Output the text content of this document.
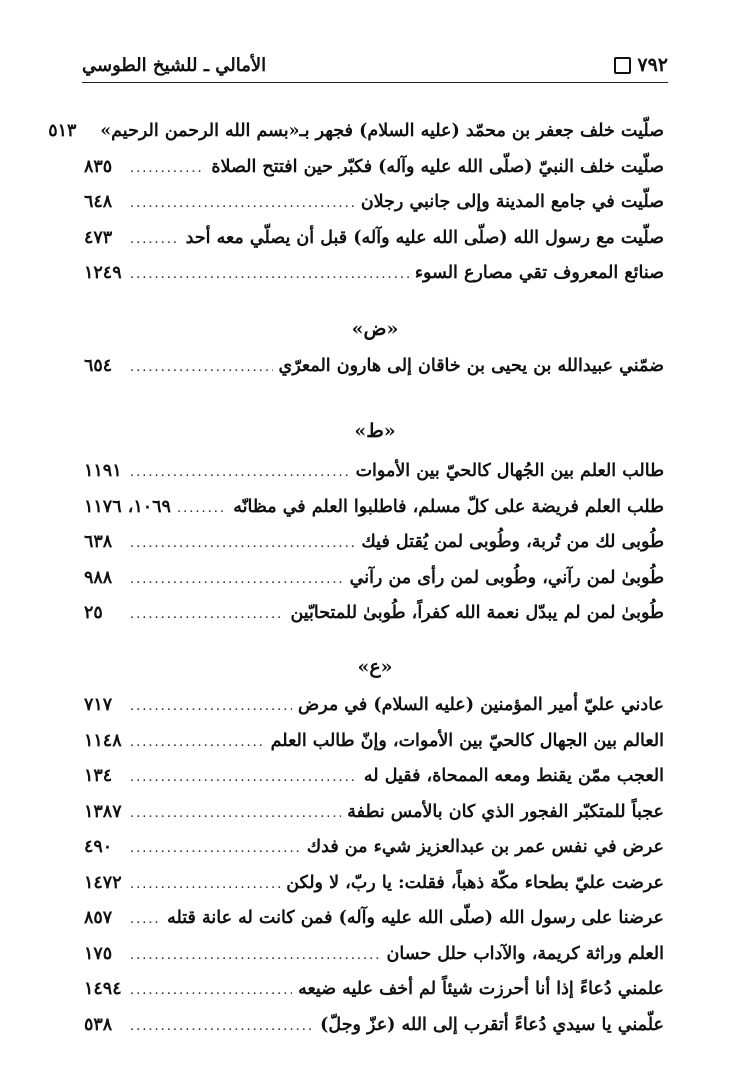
٧٩٢
الأمالي ـ للشيخ الطوسي
صلّيت خلف جعفر بن محمّد (عليه السلام) فجهر بـ«بسم الله الرحمن الرحيم»
٥١٣
صلّيت خلف النبيّ (صلّى الله عليه وآله) فكبّر حين افتتح الصلاة
.....
٨٣٥
صلّيت في جامع المدينة وإلى جانبي رجلان
.....
٦٤٨
صلّيت مع رسول الله (صلّى الله عليه وآله) قبل أن يصلّي معه أحد
.....
٤٧٣
صنائع المعروف تقي مصارع السوء
.....
١٢٤٩
«ض»
ضمّني عبيدالله بن يحيى بن خاقان إلى هارون المعرّي
.....
٦٥٤
«ط»
طالب العلم بين الجُهال كالحيّ بين الأموات
.....
١١٩١
طلب العلم فريضة على كلّ مسلم، فاطلبوا العلم في مظانّه
.....
١٠٦٩، ١١٧٦
طُوبى لك من تُربة، وطُوبى لمن يُقتل فيك
.....
٦٣٨
طُوبىٰ لمن رآني، وطُوبى لمن رأى من رآني
.....
٩٨٨
طُوبىٰ لمن لم يبدّل نعمة الله كفراً، طُوبىٰ للمتحابّين
.....
٢٥
«ع»
عادني عليّ أمير المؤمنين (عليه السلام) في مرض
.....
٧١٧
العالم بين الجهال كالحيّ بين الأموات، وإنّ طالب العلم
.....
١١٤٨
العجب ممّن يقنط ومعه الممحاة، فقيل له
.....
١٣٤
عجباً للمتكبّر الفجور الذي كان بالأمس نطفة
.....
١٣٨٧
عرض في نفس عمر بن عبدالعزيز شيء من فدك
.....
٤٩٠
عرضت عليّ بطحاء مكّة ذهباً، فقلت: يا ربّ، لا ولكن
.....
١٤٧٢
عرضنا على رسول الله (صلّى الله عليه وآله) فمن كانت له عانة قتله
.....
٨٥٧
العلم وراثة كريمة، والآداب حلل حسان
.....
١٧٥
علمني دُعاءً إذا أنا أحرزت شيئاً لم أخف عليه ضيعه
.....
١٤٩٤
علّمني يا سيدي دُعاءً أتقرب إلى الله (عزّ وجلّ)
.....
٥٣٨
